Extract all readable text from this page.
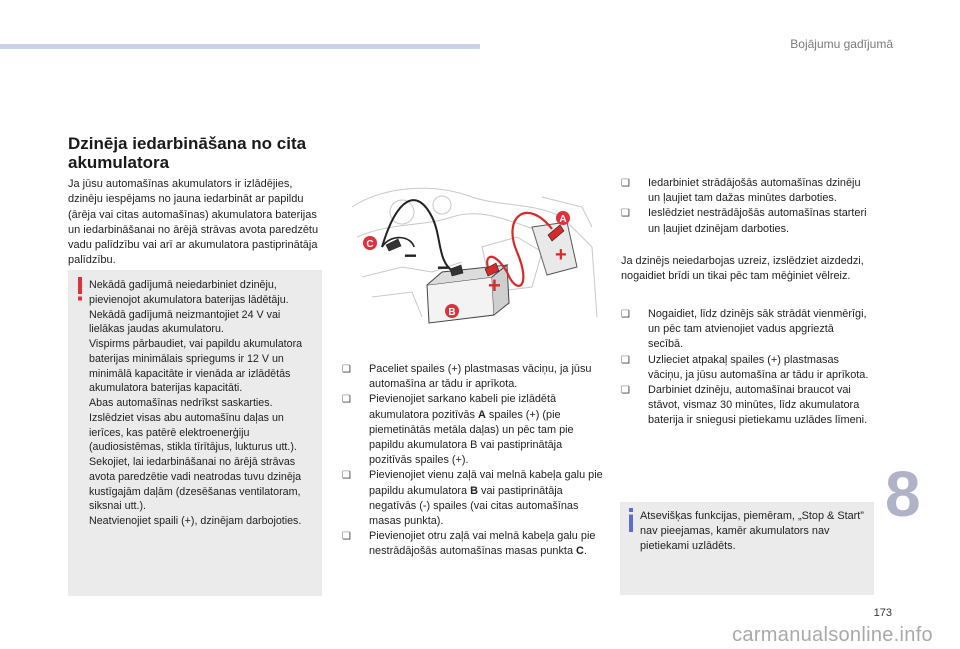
Bojājumu gadījumā
Dzinēja iedarbināšana no cita akumulatora
Ja jūsu automašīnas akumulators ir izlādējies, dzinēju iespējams no jauna iedarbināt ar papildu (ārēja vai citas automašīnas) akumulatora baterijas un iedarbināšanai no ārējā strāvas avota paredzētu vadu palīdzību vai arī ar akumulatora pastiprinātāja palīdzību.
Nekādā gadījumā neiedarbiniet dzinēju, pievienojot akumulatora baterijas lādētāju.
Nekādā gadījumā neizmantojiet 24 V vai lielākas jaudas akumulatoru.
Vispirms pārbaudiet, vai papildu akumulatora baterijas minimālais spriegums ir 12 V un minimālā kapacitāte ir vienāda ar izlādētās akumulatora baterijas kapacitāti.
Abas automašīnas nedrīkst saskarties.
Izslēdziet visas abu automašīnu daļas un ierīces, kas patērē elektroenerģiju (audiosistēmas, stikla tīrītājus, lukturus utt.).
Sekojiet, lai iedarbināšanai no ārējā strāvas avota paredzētie vadi neatrodas tuvu dzinēja kustīgajām daļām (dzesēšanas ventilatoram, siksnai utt.).
Neatvienojiet spaili (+), dzinējam darbojoties.
− −
+
+
C
A
B
❑ Paceliet spailes (+) plastmasas vāciņu, ja jūsu automašīna ar tādu ir aprīkota.
❑ Pievienojiet sarkano kabeli pie izlādētā akumulatora pozitīvās A spailes (+) (pie piemetinātās metāla daļas) un pēc tam pie papildu akumulatora B vai pastiprinātāja pozitīvās spailes (+).
❑ Pievienojiet vienu zaļā vai melnā kabeļa galu pie papildu akumulatora B vai pastiprinātāja negatīvās (-) spailes (vai citas automašīnas masas punkta).
❑ Pievienojiet otru zaļā vai melnā kabeļa galu pie nestrādājošās automašīnas masas punkta C.
❑ Iedarbiniet strādājošās automašīnas dzinēju un ļaujiet tam dažas minūtes darboties.
❑ Ieslēdziet nestrādājošās automašīnas starteri un ļaujiet dzinējam darboties.
Ja dzinējs neiedarbojas uzreiz, izslēdziet aizdedzi, nogaidiet brīdi un tikai pēc tam mēģiniet vēlreiz.
❑ Nogaidiet, līdz dzinējs sāk strādāt vienmērīgi, un pēc tam atvienojiet vadus apgrieztā secībā.
❑ Uzlieciet atpakaļ spailes (+) plastmasas vāciņu, ja jūsu automašīna ar tādu ir aprīkota.
❑ Darbiniet dzinēju, automašīnai braucot vai stāvot, vismaz 30 minūtes, līdz akumulatora baterija ir sniegusi pietiekamu uzlādes līmeni.
Atsevišķas funkcijas, piemēram, „Stop & Start” nav pieejamas, kamēr akumulators nav pietiekami uzlādēts.
8
173
carmanualsonline.info
